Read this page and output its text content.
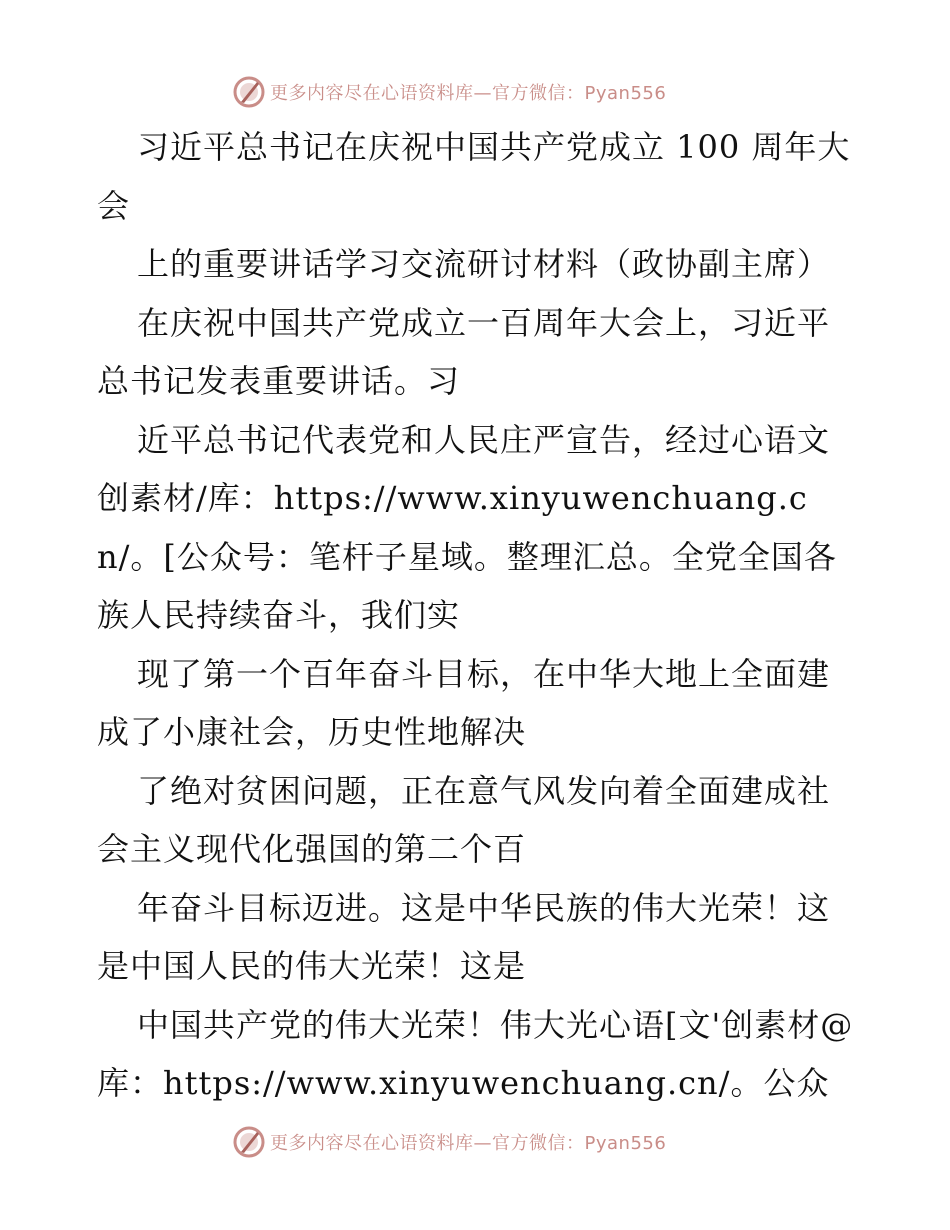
更多内容尽在心语资料库—官方微信：Pyan556

习近平总书记在庆祝中国共产党成立 100 周年大会

上的重要讲话学习交流研讨材料（政协副主席）

在庆祝中国共产党成立一百周年大会上，习近平总书记发表重要讲话。习

近平总书记代表党和人民庄严宣告，经过心语文创素材/库：https://www.xinyuwenchuang.cn/。[公众号：笔杆子星域。整理汇总。全党全国各族人民持续奋斗，我们实

现了第一个百年奋斗目标，在中华大地上全面建成了小康社会，历史性地解决

了绝对贫困问题，正在意气风发向着全面建成社会主义现代化强国的第二个百

年奋斗目标迈进。这是中华民族的伟大光荣！这是中国人民的伟大光荣！这是

中国共产党的伟大光荣！伟大光心语[文'创素材@库：https://www.xinyuwenchuang.cn/。公众

更多内容尽在心语资料库—官方微信：Pyan556
